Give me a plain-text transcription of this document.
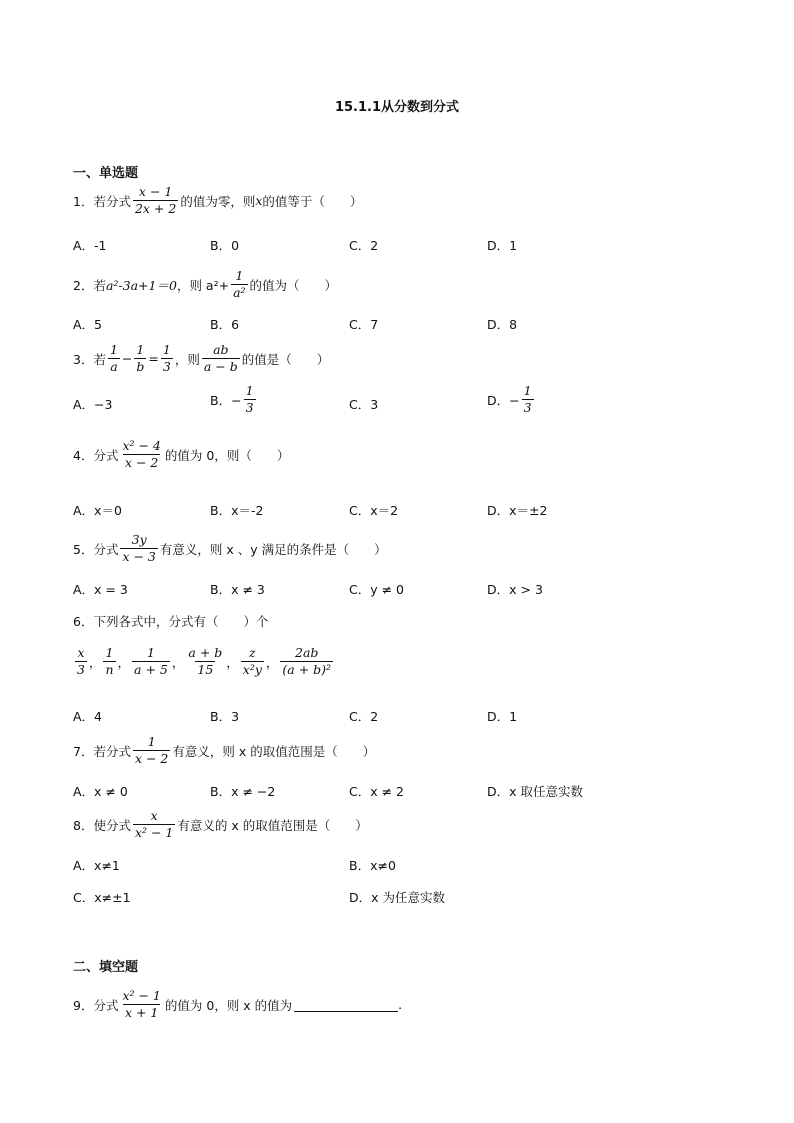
15.1.1从分数到分式
一、单选题
1．若分式 $\frac{x - 1}{2x + 2}$ 的值为零，则 x 的值等于（　　）
A．-1	B．0	C．2	D．1
2．若 a²-3a+1＝0 ，则 $a^2+ \frac{1}{\text{a²}}$ 的值为（　　）
A．5	B．6	C．7	D．8
3．若 $\frac{1}{a} - \frac{1}{b} = \frac{1}{3}$ ，则 $\frac{ab}{a - b}$ 的值是（　　）
A．−3	B．− $\frac{1}{3}$	C．3	D．− $\frac{1}{3}$
4．分式 $\frac{\text{x² − 4}}{x - 2}$ 的值为 0，则（　　）
A．x＝0	B．x＝-2	C．x＝2	D．x＝±2
5．分式 $\frac{3y}{x - 3}$ 有意义，则 x 、y 满足的条件是（　　）
A．x = 3	B．x ≠ 3	C．y ≠ 0	D．x > 3
6．下列各式中，分式有（　　）个
$\frac{x}{3}$ ， $\frac{1}{n}$ ， $\frac{1}{a + 5}$ ， $\frac{a + b}{15}$ ， $\frac{z}{\text{x²y}}$ ， $\frac{2ab}{\text{(a + b)²}}$
A．4	B．3	C．2	D．1
7．若分式 $\frac{1}{x - 2}$ 有意义，则 x 的取值范围是（　　）
A．x ≠ 0	B．x ≠ −2	C．x ≠ 2	D．x 取任意实数
8．使分式 $\frac{x}{\text{x² − 1}}$ 有意义的 x 的取值范围是（　　）
A．x≠1	B．x≠0
C．x≠±1	D．x 为任意实数
二、填空题
9．分式 $\frac{\text{x² − 1}}{x + 1}$ 的值为 0，则 x 的值为	.
